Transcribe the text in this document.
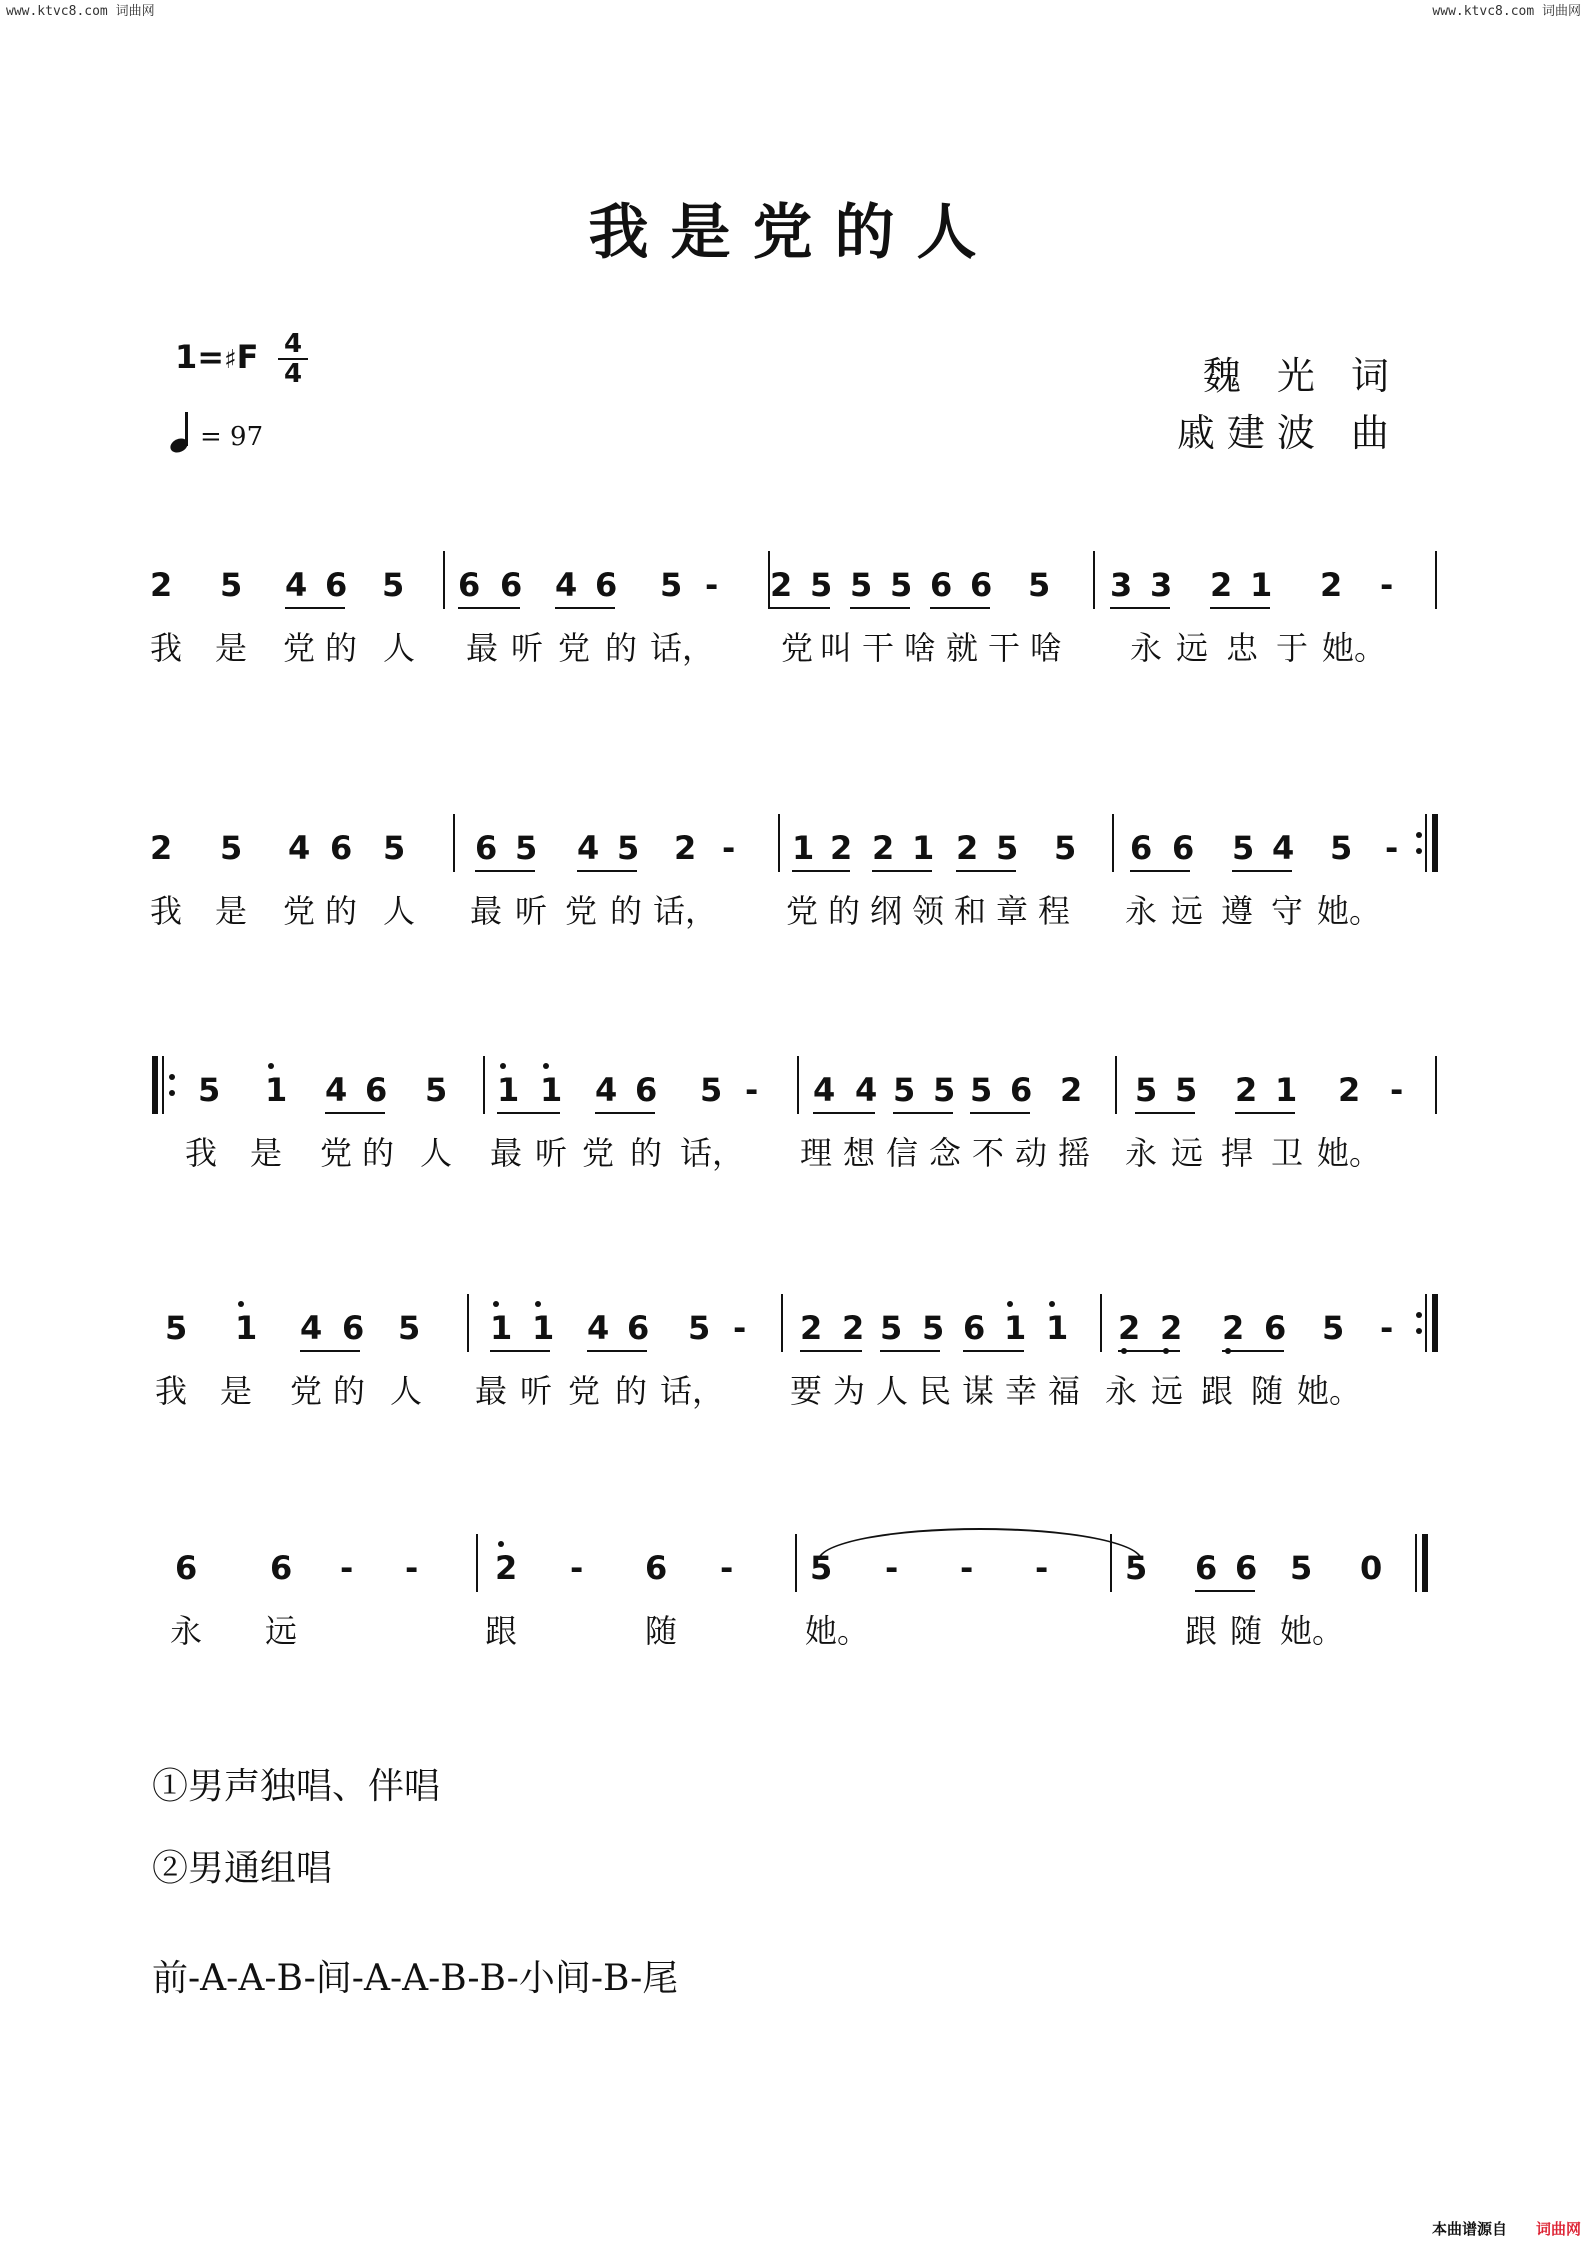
www.ktvc8.com 词曲网	www.ktvc8.com 词曲网
我是党的人
1=♯F 4
4
= 97
魏 光 词
戚建波 曲
2 5 4 6 5 6 6 4 6 5 - 2 5 5 5 6 6 5 3 3 2 1 2 -
我 是 党 的 人 最 听 党 的 话， 党 叫 干 啥 就 干 啥 永 远 忠 于 她。
2 5 4 6 5 6 5 4 5 2 - 1 2 2 1 2 5 5 6 6 5 4 5 -
我 是 党 的 人 最 听 党 的 话， 党 的 纲 领 和 章 程 永 远 遵 守 她。
5 1 4 6 5 1 1 4 6 5 - 4 4 5 5 5 6 2 5 5 2 1 2 -
我 是 党 的 人 最 听 党 的 话， 理 想 信 念 不 动 摇 永 远 捍 卫 她。
5 1 4 6 5 1 1 4 6 5 - 2 2 5 5 6 1 1 2 2 2 6 5 -
我 是 党 的 人 最 听 党 的 话， 要 为 人 民 谋 幸 福 永 远 跟 随 她。
6 6 - - 2 - 6 - 5 - - - 5 6 6 5 0
永 远	跟	随	她。	跟 随 她。
①男声独唱、伴唱
②男通组唱
前-A-A-B-间-A-A-B-B-小间-B-尾
本曲谱源自 词曲网
